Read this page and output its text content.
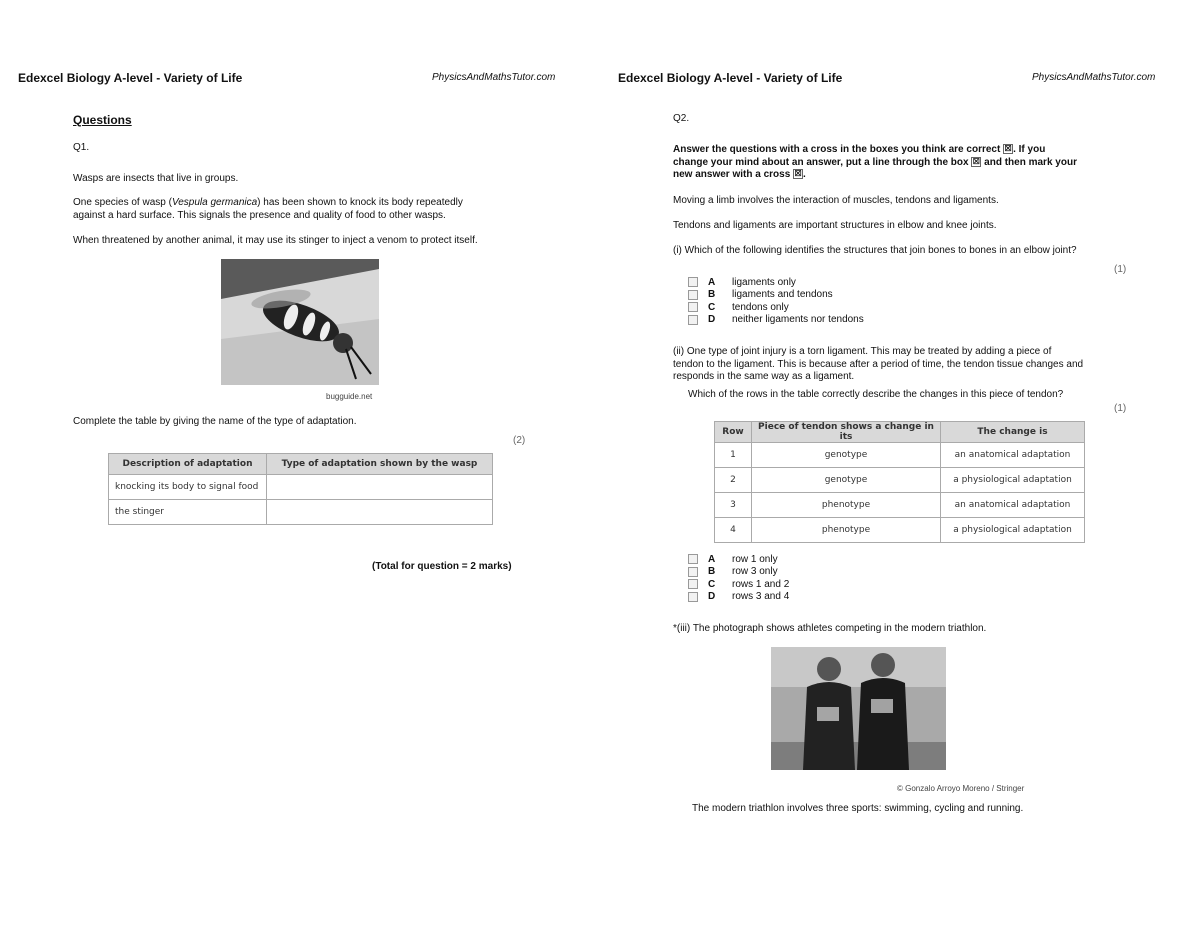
Edexcel Biology A-level - Variety of Life	PhysicsAndMathsTutor.com
Questions
Q1.
Wasps are insects that live in groups.
One species of wasp (Vespula germanica) has been shown to knock its body repeatedly
against a hard surface. This signals the presence and quality of food to other wasps.
When threatened by another animal, it may use its stinger to inject a venom to protect itself.
bugguide.net
Complete the table by giving the name of the type of adaptation.
(2)
Description of adaptation	Type of adaptation shown by the wasp
knocking its body to signal food	
the stinger	
(Total for question = 2 marks)
Edexcel Biology A-level - Variety of Life	PhysicsAndMathsTutor.com
Q2.
Answer the questions with a cross in the boxes you think are correct ☒. If you
change your mind about an answer, put a line through the box ☒ and then mark your
new answer with a cross ☒.
Moving a limb involves the interaction of muscles, tendons and ligaments.
Tendons and ligaments are important structures in elbow and knee joints.
(i) Which of the following identifies the structures that join bones to bones in an elbow joint?
(1)
A	ligaments only
B	ligaments and tendons
C	tendons only
D	neither ligaments nor tendons
(ii) One type of joint injury is a torn ligament. This may be treated by adding a piece of
tendon to the ligament. This is because after a period of time, the tendon tissue changes and
responds in the same way as a ligament.
Which of the rows in the table correctly describe the changes in this piece of tendon?
(1)
Row	Piece of tendon shows a change in its	The change is
1	genotype	an anatomical adaptation
2	genotype	a physiological adaptation
3	phenotype	an anatomical adaptation
4	phenotype	a physiological adaptation
A	row 1 only
B	row 3 only
C	rows 1 and 2
D	rows 3 and 4
*(iii) The photograph shows athletes competing in the modern triathlon.
© Gonzalo Arroyo Moreno / Stringer
The modern triathlon involves three sports: swimming, cycling and running.
